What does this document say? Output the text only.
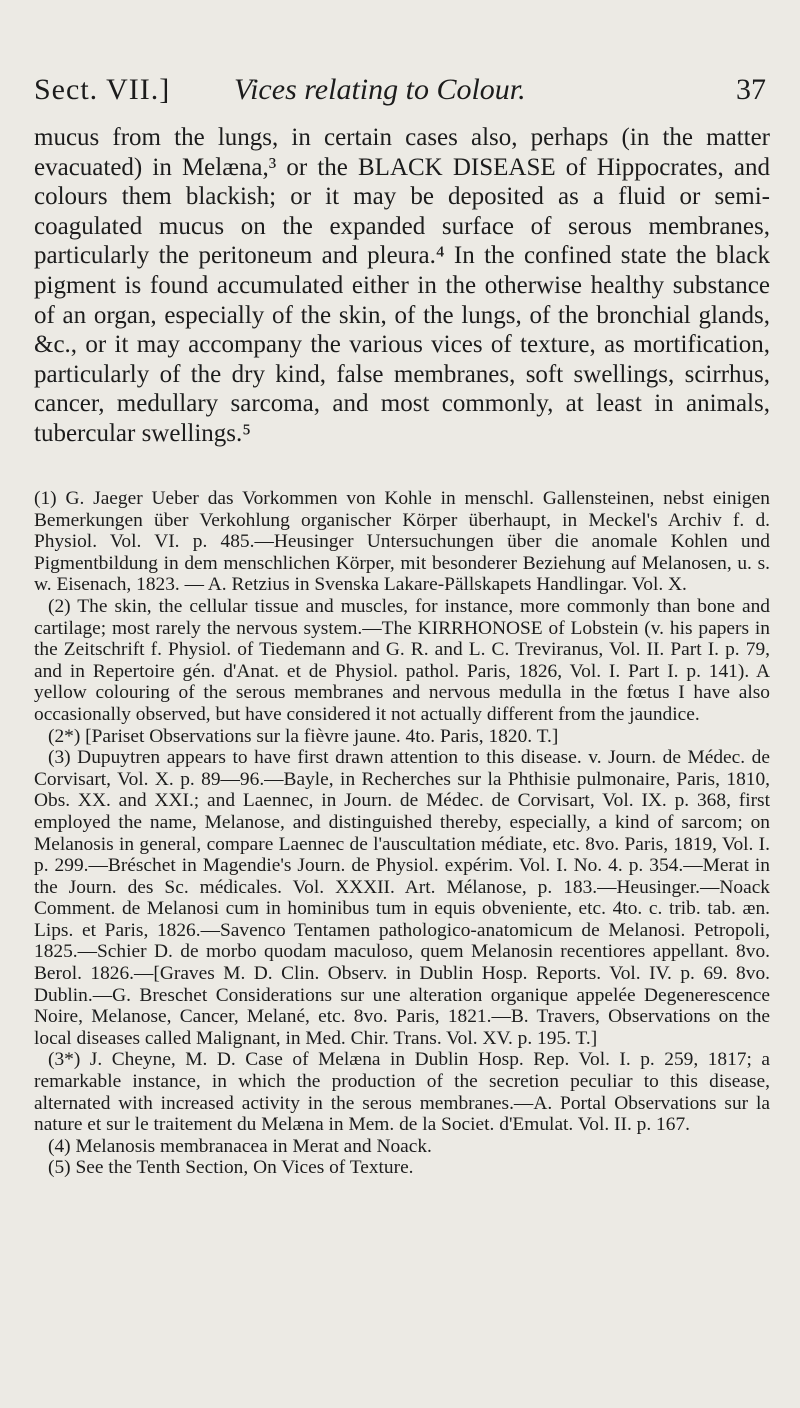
Sect. VII.] Vices relating to Colour.	37

mucus from the lungs, in certain cases also, perhaps (in the matter evacuated) in Melæna,³ or the BLACK DISEASE of Hippocrates, and colours them blackish; or it may be deposited as a fluid or semi-coagulated mucus on the expanded surface of serous membranes, particularly the peritoneum and pleura.⁴ In the confined state the black pigment is found accumulated either in the otherwise healthy substance of an organ, especially of the skin, of the lungs, of the bronchial glands, &c., or it may accompany the various vices of texture, as mortification, particularly of the dry kind, false membranes, soft swellings, scirrhus, cancer, medullary sarcoma, and most commonly, at least in animals, tubercular swellings.⁵

(1) G. Jaeger Ueber das Vorkommen von Kohle in menschl. Gallensteinen, nebst einigen Bemerkungen über Verkohlung organischer Körper überhaupt, in Meckel's Archiv f. d. Physiol. Vol. VI. p. 485.—Heusinger Untersuchungen über die anomale Kohlen und Pigmentbildung in dem menschlichen Körper, mit besonderer Beziehung auf Melanosen, u. s. w. Eisenach, 1823. — A. Retzius in Svenska Lakare-Pällskapets Handlingar. Vol. X.

(2) The skin, the cellular tissue and muscles, for instance, more commonly than bone and cartilage; most rarely the nervous system.—The KIRRHONOSE of Lobstein (v. his papers in the Zeitschrift f. Physiol. of Tiedemann and G. R. and L. C. Treviranus, Vol. II. Part I. p. 79, and in Repertoire gén. d'Anat. et de Physiol. pathol. Paris, 1826, Vol. I. Part I. p. 141). A yellow colouring of the serous membranes and nervous medulla in the fœtus I have also occasionally observed, but have considered it not actually different from the jaundice.

(2*) [Pariset Observations sur la fièvre jaune. 4to. Paris, 1820. T.]

(3) Dupuytren appears to have first drawn attention to this disease. v. Journ. de Médec. de Corvisart, Vol. X. p. 89—96.—Bayle, in Recherches sur la Phthisie pulmonaire, Paris, 1810, Obs. XX. and XXI.; and Laennec, in Journ. de Médec. de Corvisart, Vol. IX. p. 368, first employed the name, Melanose, and distinguished thereby, especially, a kind of sarcom; on Melanosis in general, compare Laennec de l'auscultation médiate, etc. 8vo. Paris, 1819, Vol. I. p. 299.—Bréschet in Magendie's Journ. de Physiol. expérim. Vol. I. No. 4. p. 354.—Merat in the Journ. des Sc. médicales. Vol. XXXII. Art. Mélanose, p. 183.—Heusinger.—Noack Comment. de Melanosi cum in hominibus tum in equis obveniente, etc. 4to. c. trib. tab. æn. Lips. et Paris, 1826.—Savenco Tentamen pathologico-anatomicum de Melanosi. Petropoli, 1825.—Schier D. de morbo quodam maculoso, quem Melanosin recentiores appellant. 8vo. Berol. 1826.—[Graves M. D. Clin. Observ. in Dublin Hosp. Reports. Vol. IV. p. 69. 8vo. Dublin.—G. Breschet Considerations sur une alteration organique appelée Degenerescence Noire, Melanose, Cancer, Melané, etc. 8vo. Paris, 1821.—B. Travers, Observations on the local diseases called Malignant, in Med. Chir. Trans. Vol. XV. p. 195. T.]

(3*) J. Cheyne, M. D. Case of Melæna in Dublin Hosp. Rep. Vol. I. p. 259, 1817; a remarkable instance, in which the production of the secretion peculiar to this disease, alternated with increased activity in the serous membranes.—A. Portal Observations sur la nature et sur le traitement du Melæna in Mem. de la Societ. d'Emulat. Vol. II. p. 167.

(4) Melanosis membranacea in Merat and Noack.

(5) See the Tenth Section, On Vices of Texture.
